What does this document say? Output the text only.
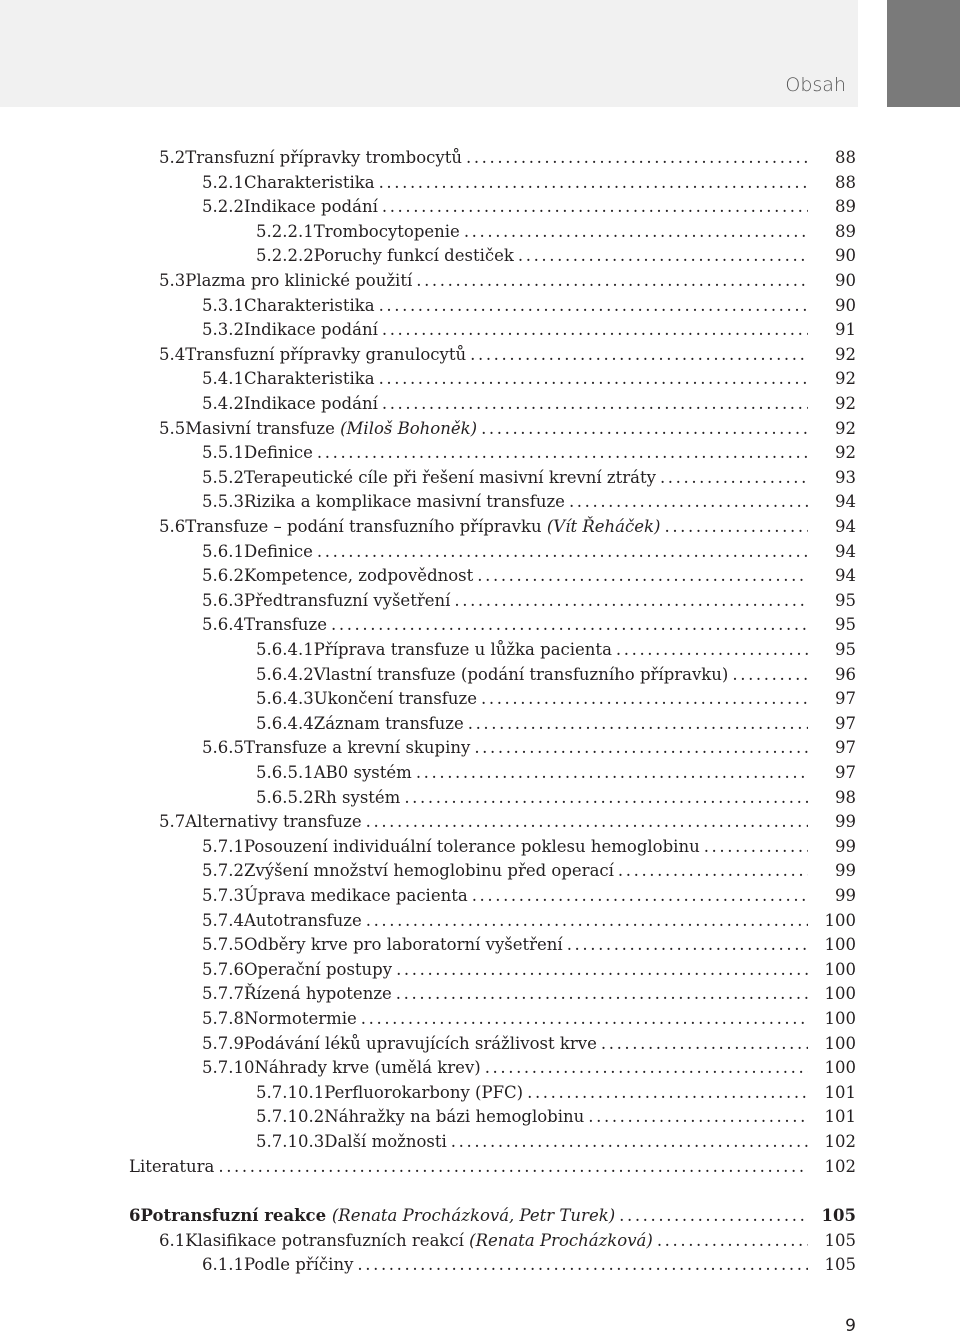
Obsah
5.2 Transfuzní přípravky trombocytů .....	88
5.2.1 Charakteristika .....	88
5.2.2 Indikace podání .....	89
5.2.2.1 Trombocytopenie .....	89
5.2.2.2 Poruchy funkcí destiček .....	90
5.3 Plazma pro klinické použití .....	90
5.3.1 Charakteristika .....	90
5.3.2 Indikace podání .....	91
5.4 Transfuzní přípravky granulocytů .....	92
5.4.1 Charakteristika .....	92
5.4.2 Indikace podání .....	92
5.5 Masivní transfuze (Miloš Bohoněk) .....	92
5.5.1 Definice .....	92
5.5.2 Terapeutické cíle při řešení masivní krevní ztráty .....	93
5.5.3 Rizika a komplikace masivní transfuze .....	94
5.6 Transfuze – podání transfuzního přípravku (Vít Řeháček) .....	94
5.6.1 Definice .....	94
5.6.2 Kompetence, zodpovědnost .....	94
5.6.3 Předtransfuzní vyšetření .....	95
5.6.4 Transfuze .....	95
5.6.4.1 Příprava transfuze u lůžka pacienta .....	95
5.6.4.2 Vlastní transfuze (podání transfuzního přípravku) .....	96
5.6.4.3 Ukončení transfuze .....	97
5.6.4.4 Záznam transfuze .....	97
5.6.5 Transfuze a krevní skupiny .....	97
5.6.5.1 AB0 systém .....	97
5.6.5.2 Rh systém .....	98
5.7 Alternativy transfuze .....	99
5.7.1 Posouzení individuální tolerance poklesu hemoglobinu .....	99
5.7.2 Zvýšení množství hemoglobinu před operací .....	99
5.7.3 Úprava medikace pacienta .....	99
5.7.4 Autotransfuze .....	100
5.7.5 Odběry krve pro laboratorní vyšetření .....	100
5.7.6 Operační postupy .....	100
5.7.7 Řízená hypotenze .....	100
5.7.8 Normotermie .....	100
5.7.9 Podávání léků upravujících srážlivost krve .....	100
5.7.10 Náhrady krve (umělá krev) .....	100
5.7.10.1 Perfluorokarbony (PFC) .....	101
5.7.10.2 Náhražky na bázi hemoglobinu .....	101
5.7.10.3 Další možnosti .....	102
Literatura .....	102
6 Potransfuzní reakce (Renata Procházková, Petr Turek) .....	105
6.1 Klasifikace potransfuzních reakcí (Renata Procházková) .....	105
6.1.1 Podle příčiny .....	105
9
